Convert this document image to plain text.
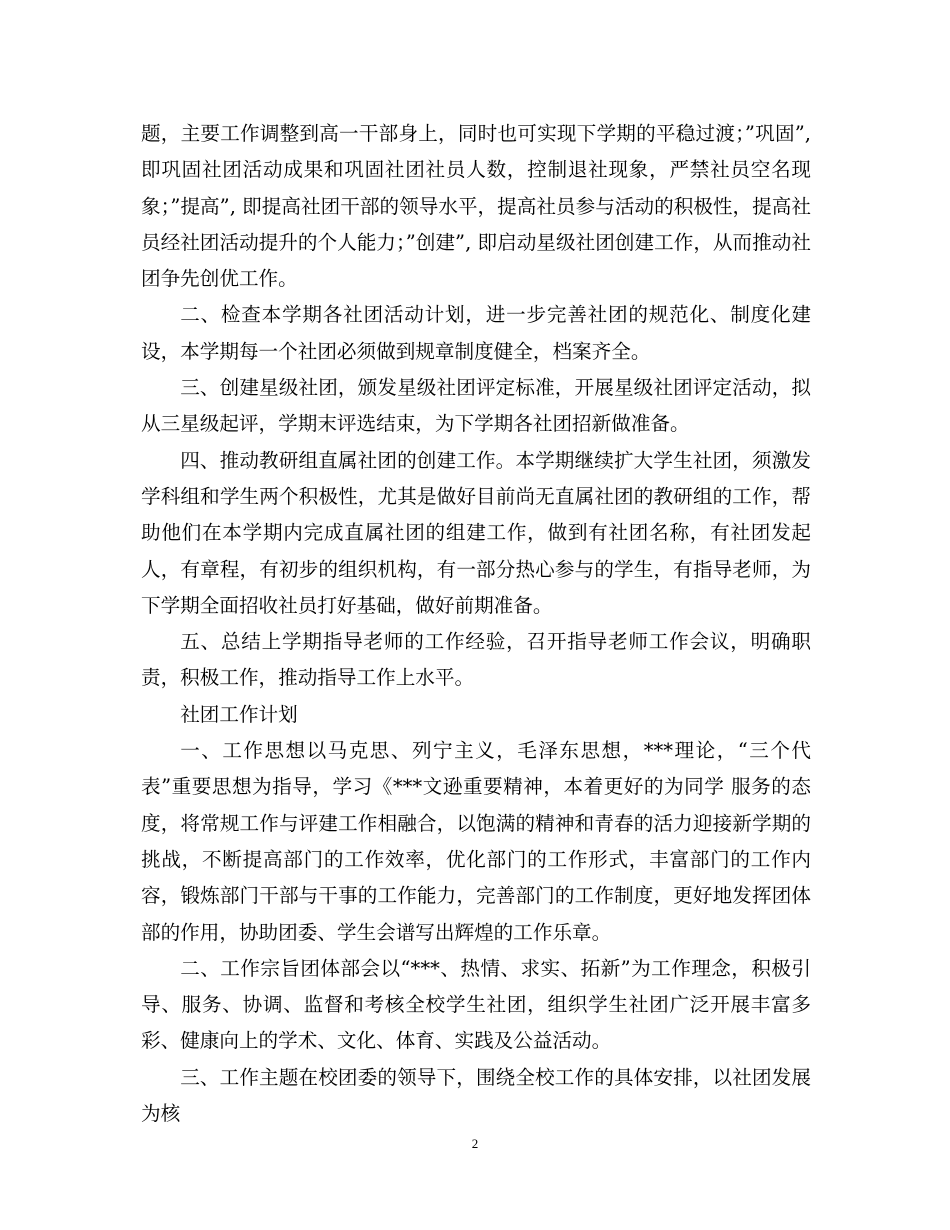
题，主要工作调整到高一干部身上，同时也可实现下学期的平稳过渡；”巩固”, 即巩固社团活动成果和巩固社团社员人数，控制退社现象，严禁社员空名现象；”提高”, 即提高社团干部的领导水平，提高社员参与活动的积极性，提高社员经社团活动提升的个人能力；”创建”, 即启动星级社团创建工作，从而推动社团争先创优工作。

二、检查本学期各社团活动计划，进一步完善社团的规范化、制度化建设，本学期每一个社团必须做到规章制度健全，档案齐全。

三、创建星级社团，颁发星级社团评定标准，开展星级社团评定活动，拟从三星级起评，学期末评选结束，为下学期各社团招新做准备。

四、推动教研组直属社团的创建工作。本学期继续扩大学生社团，须激发学科组和学生两个积极性，尤其是做好目前尚无直属社团的教研组的工作，帮助他们在本学期内完成直属社团的组建工作，做到有社团名称，有社团发起人，有章程，有初步的组织机构，有一部分热心参与的学生，有指导老师，为下学期全面招收社员打好基础，做好前期准备。

五、总结上学期指导老师的工作经验，召开指导老师工作会议，明确职责，积极工作，推动指导工作上水平。

社团工作计划

一、工作思想以马克思、列宁主义，毛泽东思想，***理论，“三个代表”重要思想为指导，学习《***文逊重要精神，本着更好的为同学 服务的态度，将常规工作与评建工作相融合，以饱满的精神和青春的活力迎接新学期的挑战，不断提高部门的工作效率，优化部门的工作形式，丰富部门的工作内容，锻炼部门干部与干事的工作能力，完善部门的工作制度，更好地发挥团体部的作用，协助团委、学生会谱写出辉煌的工作乐章。

二、工作宗旨团体部会以“***、热情、求实、拓新”为工作理念，积极引导、服务、协调、监督和考核全校学生社团，组织学生社团广泛开展丰富多彩、健康向上的学术、文化、体育、实践及公益活动。

三、工作主题在校团委的领导下，围绕全校工作的具体安排，以社团发展为核

2
